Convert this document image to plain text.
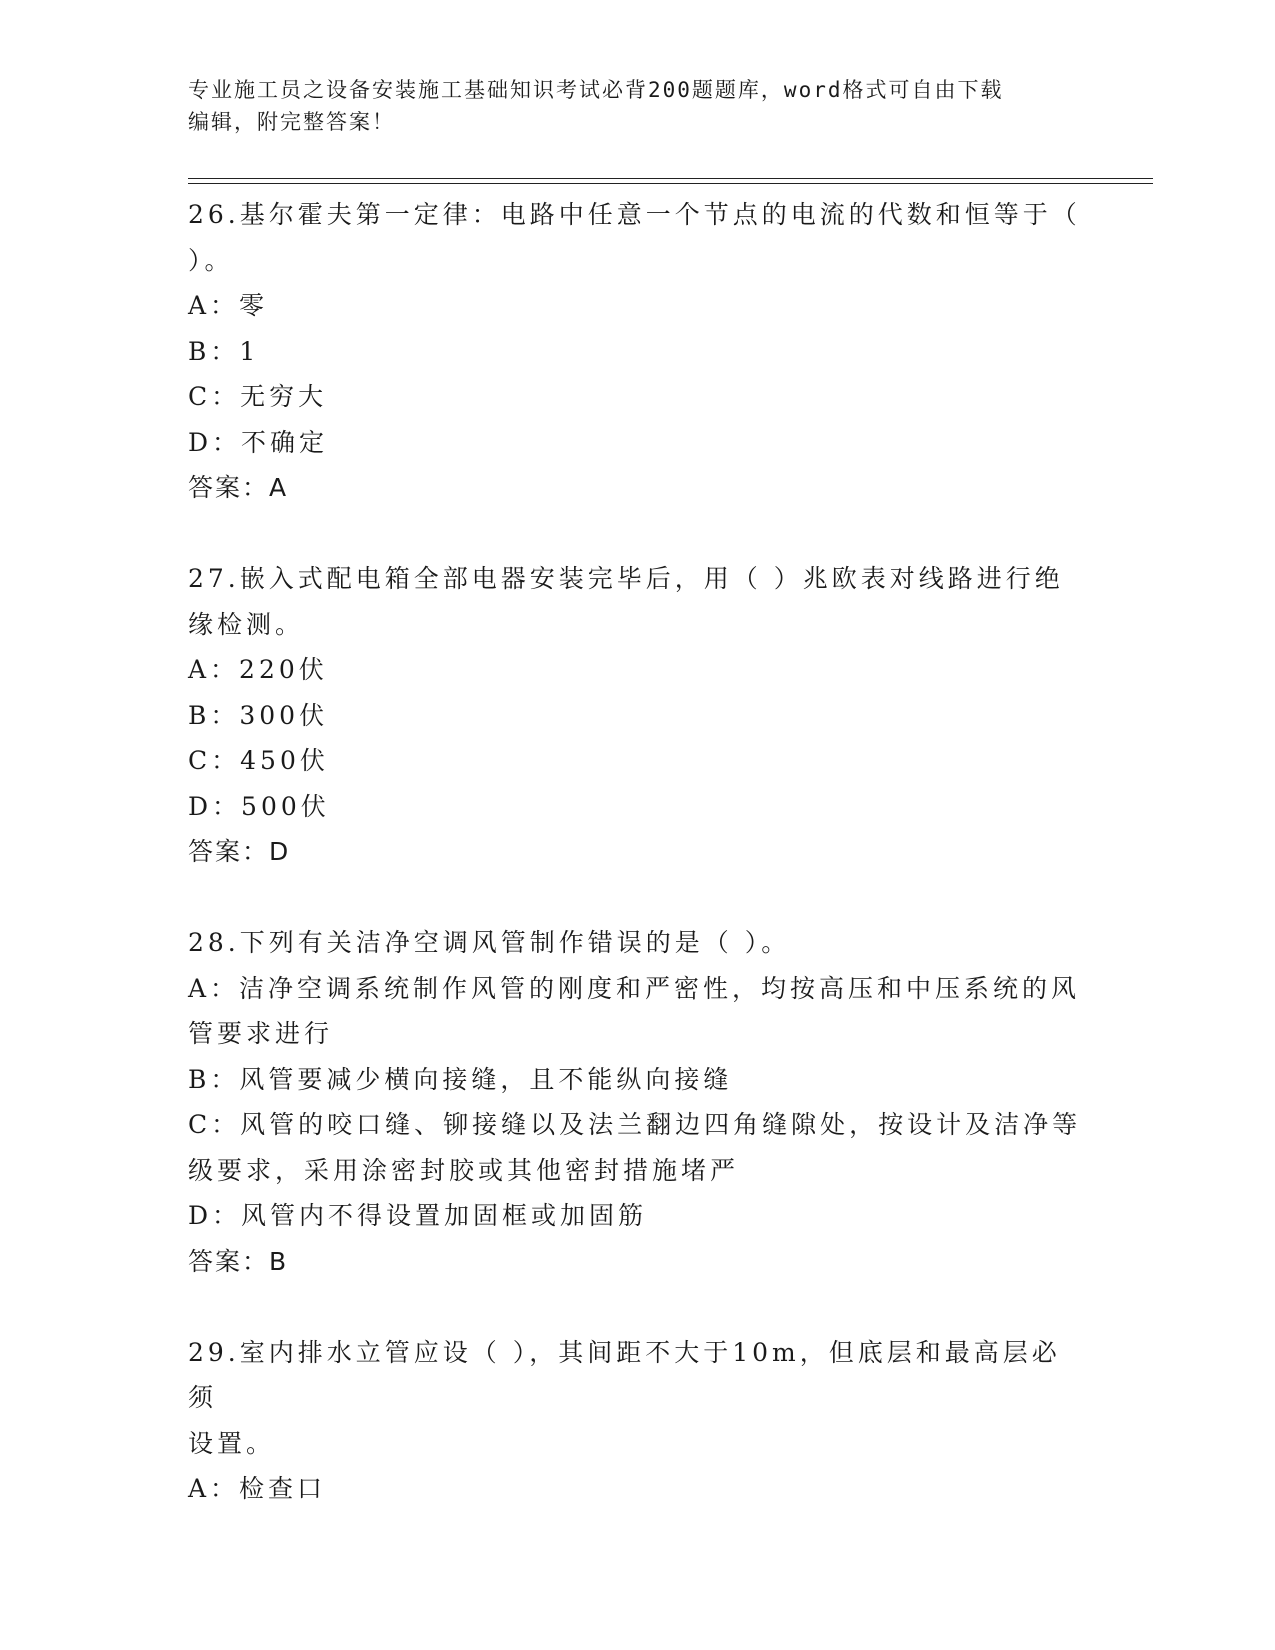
专业施工员之设备安装施工基础知识考试必背200题题库，word格式可自由下载
编辑，附完整答案！
26.基尔霍夫第一定律：电路中任意一个节点的电流的代数和恒等于（
）。
A：零
B：1
C：无穷大
D：不确定
答案：A
27.嵌入式配电箱全部电器安装完毕后，用（ ）兆欧表对线路进行绝
缘检测。
A：220伏
B：300伏
C：450伏
D：500伏
答案：D
28.下列有关洁净空调风管制作错误的是（ ）。
A：洁净空调系统制作风管的刚度和严密性，均按高压和中压系统的风
管要求进行
B：风管要减少横向接缝，且不能纵向接缝
C：风管的咬口缝、铆接缝以及法兰翻边四角缝隙处，按设计及洁净等
级要求，采用涂密封胶或其他密封措施堵严
D：风管内不得设置加固框或加固筋
答案：B
29.室内排水立管应设（ ），其间距不大于10m，但底层和最高层必须
设置。
A：检查口
